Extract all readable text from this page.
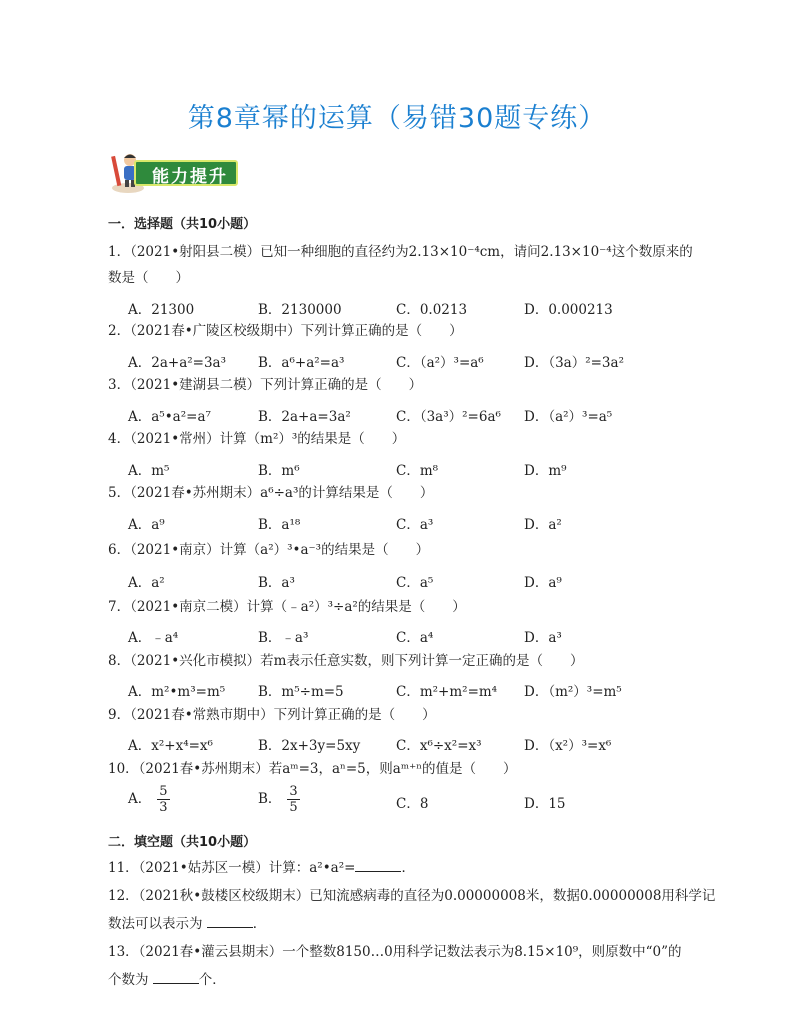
第8章幂的运算（易错30题专练）
能力提升
一．选择题（共10小题）
1．（2021•射阳县二模）已知一种细胞的直径约为2.13×10⁻⁴cm，请问2.13×10⁻⁴这个数原来的
数是（　　）
A．21300	B．2130000	C．0.0213	D．0.000213
2．（2021春•广陵区校级期中）下列计算正确的是（　　）
A．2a+a²=3a³ B．a⁶+a²=a³	C．（a²）³=a⁶	D．（3a）²=3a²
3．（2021•建湖县二模）下列计算正确的是（　　）
A．a⁵•a²=a⁷	B．2a+a=3a²	C．（3a³）²=6a⁶ D．（a²）³=a⁵
4．（2021•常州）计算（m²）³的结果是（　　）
A．m⁵	B．m⁶	C．m⁸	D．m⁹
5．（2021春•苏州期末）a⁶÷a³的计算结果是（　　）
A．a⁹	B．a¹⁸	C．a³	D．a²
6．（2021•南京）计算（a²）³•a⁻³的结果是（　　）
A．a²	B．a³	C．a⁵	D．a⁹
7．（2021•南京二模）计算（﹣a²）³÷a²的结果是（　　）
A．﹣a⁴	B．﹣a³	C．a⁴	D．a³
8．（2021•兴化市模拟）若m表示任意实数，则下列计算一定正确的是（　　）
A．m²•m³=m⁵ B．m⁵÷m=5	C．m²+m²=m⁴ D．（m²）³=m⁵
9．（2021春•常熟市期中）下列计算正确的是（　　）
A．x²+x⁴=x⁶	B．2x+3y=5xy	C．x⁶÷x²=x³	D．（x²）³=x⁶
10．（2021春•苏州期末）若aᵐ=3，aⁿ=5，则aᵐ⁺ⁿ的值是（　　）
A． $\frac{5}{3}$	B． $\frac{3}{5}$	C．8	D．15
二．填空题（共10小题）
11．（2021•姑苏区一模）计算：a²•a²=	．
12．（2021秋•鼓楼区校级期末）已知流感病毒的直径为0.00000008米，数据0.00000008用科学记
数法可以表示为	．
13．（2021春•灌云县期末）一个整数8150…0用科学记数法表示为8.15×10⁹，则原数中“0”的
个数为	个．
